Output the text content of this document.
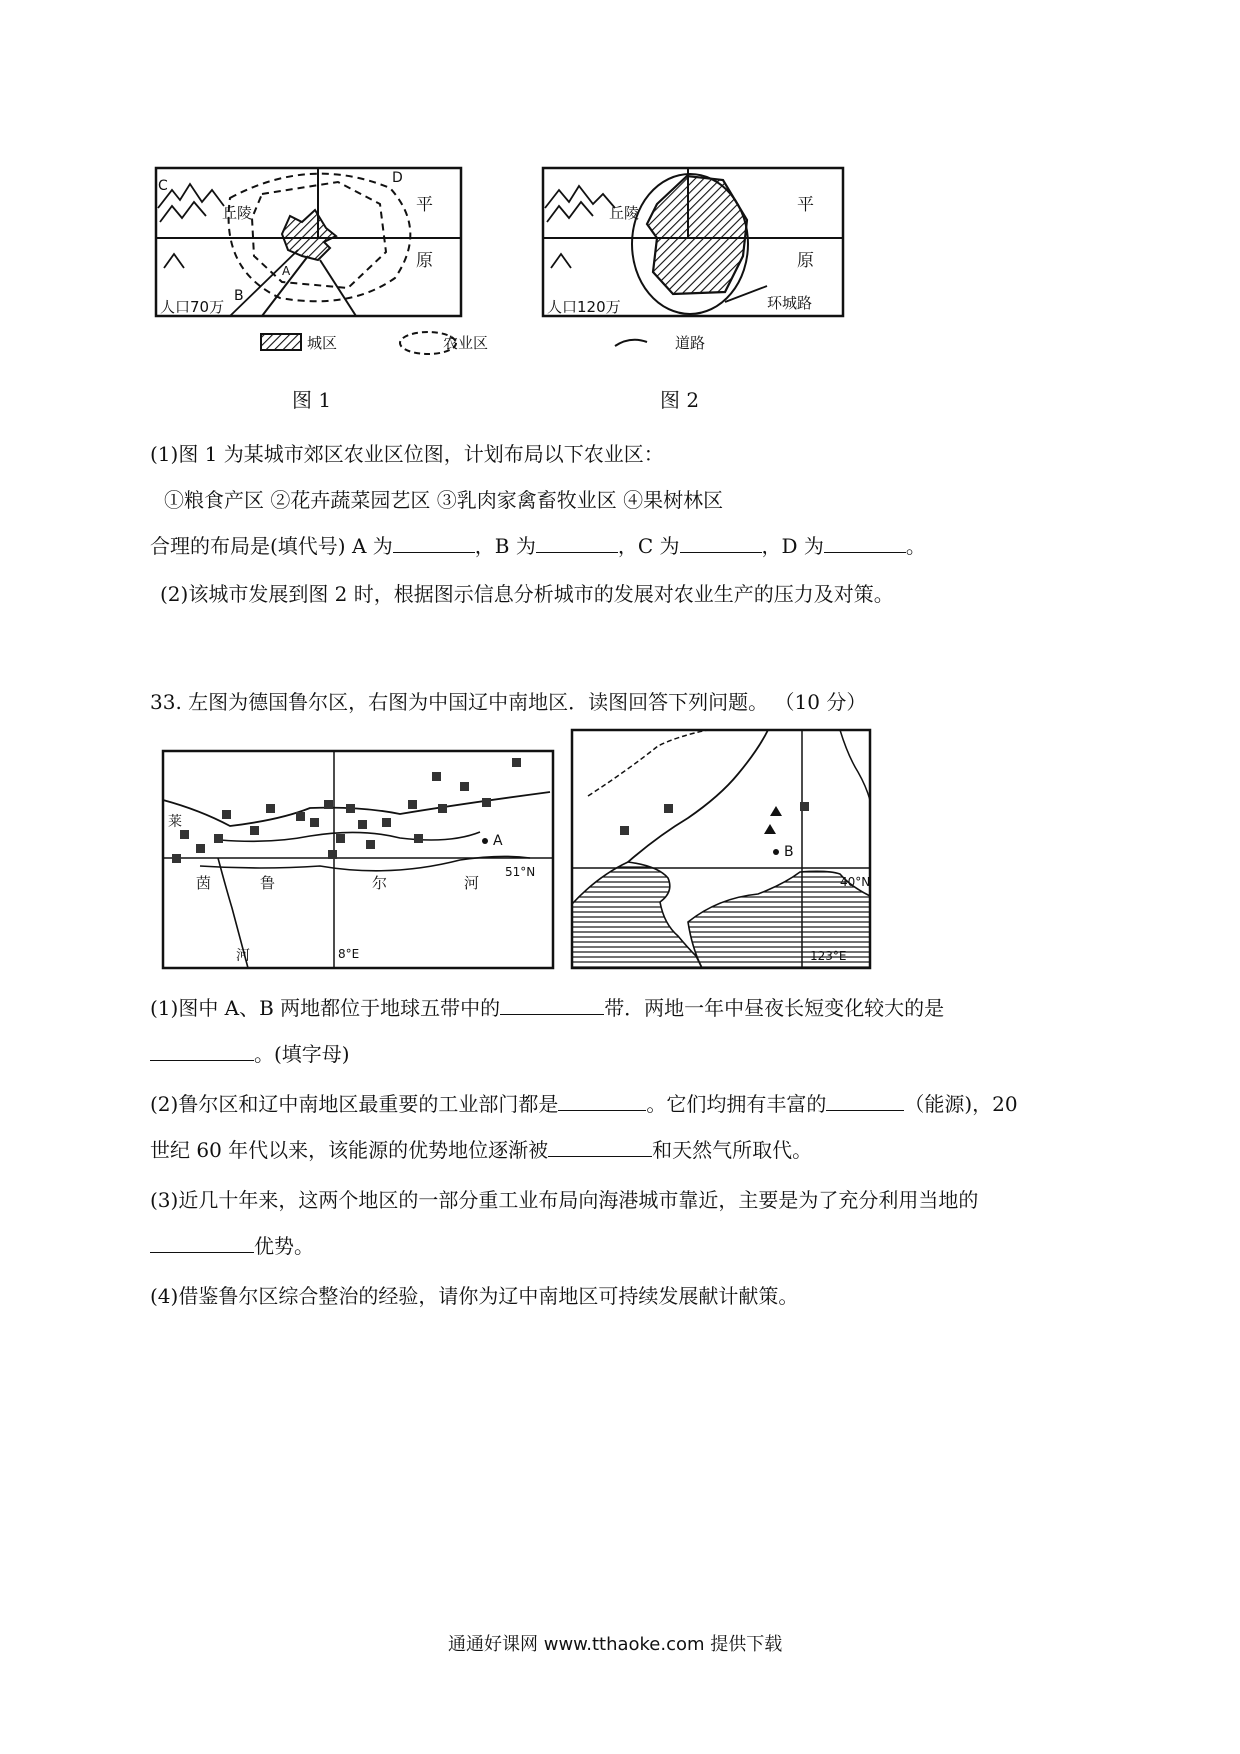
C
丘陵
D
平
原
A
B
人口70万
丘陵	平
原
环城路
人口120万
城区	农业区	道路
图 1	图 2
(1)图 1 为某城市郊区农业区位图，计划布局以下农业区：
①粮食产区 ②花卉蔬菜园艺区 ③乳肉家禽畜牧业区 ④果树林区
合理的布局是(填代号) A 为	，B 为	，C 为	，D 为	。
(2)该城市发展到图 2 时，根据图示信息分析城市的发展对农业生产的压力及对策。
33. 左图为德国鲁尔区，右图为中国辽中南地区．读图回答下列问题。 （10 分）
A
莱
茵
河
鲁	尔	河
51°N
8°E
B
40°N
123°E
(1)图中 A、B 两地都位于地球五带中的	带．两地一年中昼夜长短变化较大的是
。(填字母)
(2)鲁尔区和辽中南地区最重要的工业部门都是	。它们均拥有丰富的	（能源)，20
世纪 60 年代以来，该能源的优势地位逐渐被	和天然气所取代。
(3)近几十年来，这两个地区的一部分重工业布局向海港城市靠近，主要是为了充分利用当地的
优势。
(4)借鉴鲁尔区综合整治的经验，请你为辽中南地区可持续发展献计献策。
通通好课网 www.tthaoke.com 提供下载
